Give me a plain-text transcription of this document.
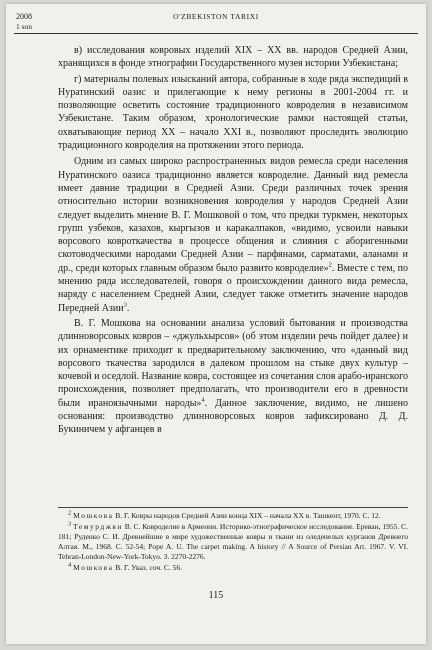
2008	O'ZBEKISTON TARIXI
1 son

в) исследования ковровых изделий XIX – XX вв. народов Средней Азии, хранящихся в фонде этнографии Государственного музея истории Узбекистана;

г) материалы полевых изысканий автора, собранные в ходе ряда экспедиций в Нуратинский оазис и прилегающие к нему регионы в 2001-2004 гг. и позволяющие осветить состояние традиционного ковроделия в независимом Узбекистане. Таким образом, хронологические рамки настоящей статьи, охватывающие период XX – начало XXI в., позволяют проследить эволюцию традиционного ковроделия на протяжении этого периода.

Одним из самых широко распространенных видов ремесла среди населения Нуратинского оазиса традиционно является ковроделие. Данный вид ремесла имеет давние традиции в Средней Азии. Среди различных точек зрения относительно истории возникновения ковроделия у народов Средней Азии следует выделить мнение В. Г. Мошковой о том, что предки туркмен, некоторых групп узбеков, казахов, кыргызов и каракалпаков, «видимо, усвоили навыки ворсового ковроткачества в процессе общения и слияния с аборигенными скотоводческими народами Средней Азии – парфянами, сарматами, аланами и др., среди которых главным образом было развито ковроделие»$^2$. Вместе с тем, по мнению ряда исследователей, говоря о происхождении данного вида ремесла, наряду с населением Средней Азии, следует также отметить значение народов Передней Азии$^3$.

В. Г. Мошкова на основании анализа условий бытования и производства длинноворсовых ковров – «джульхырсов» (об этом изделии речь пойдет далее) и их орнаментике приходит к предварительному заключению, что «данный вид ворсового ткачества зародился в далеком прошлом на стыке двух культур – кочевой и оседлой. Название ковра, состоящее из сочетания слов арабо-иранского происхождения, позволяет предполагать, что производители его в древности были ираноязычными народы»$^4$. Данное заключение, видимо, не лишено основания: производство длинноворсовых ковров зафиксировано Д. Д. Букиничем у афганцев в

$^2$ Мошкова В. Г. Ковры народов Средней Азии конца XIX – начала XX в. Ташкент, 1970. С. 12.

$^3$ Темурджян В. С. Ковроделие в Армении. Историко-этнографическое исследование. Ереван, 1955. С. 181; Руденко С. И. Древнейшие в мире художественные ковры и ткани из оледенелых курганов Древнего Алтая. М., 1968. С. 52-54; Pope A. U. The carpet making. A history // A Source of Persian Art. 1967. V. VI. Tehran-London-New-York-Tokyo. 3. 2270-2276.

$^4$ Мошкова В. Г. Указ. соч. С. 56.

115
